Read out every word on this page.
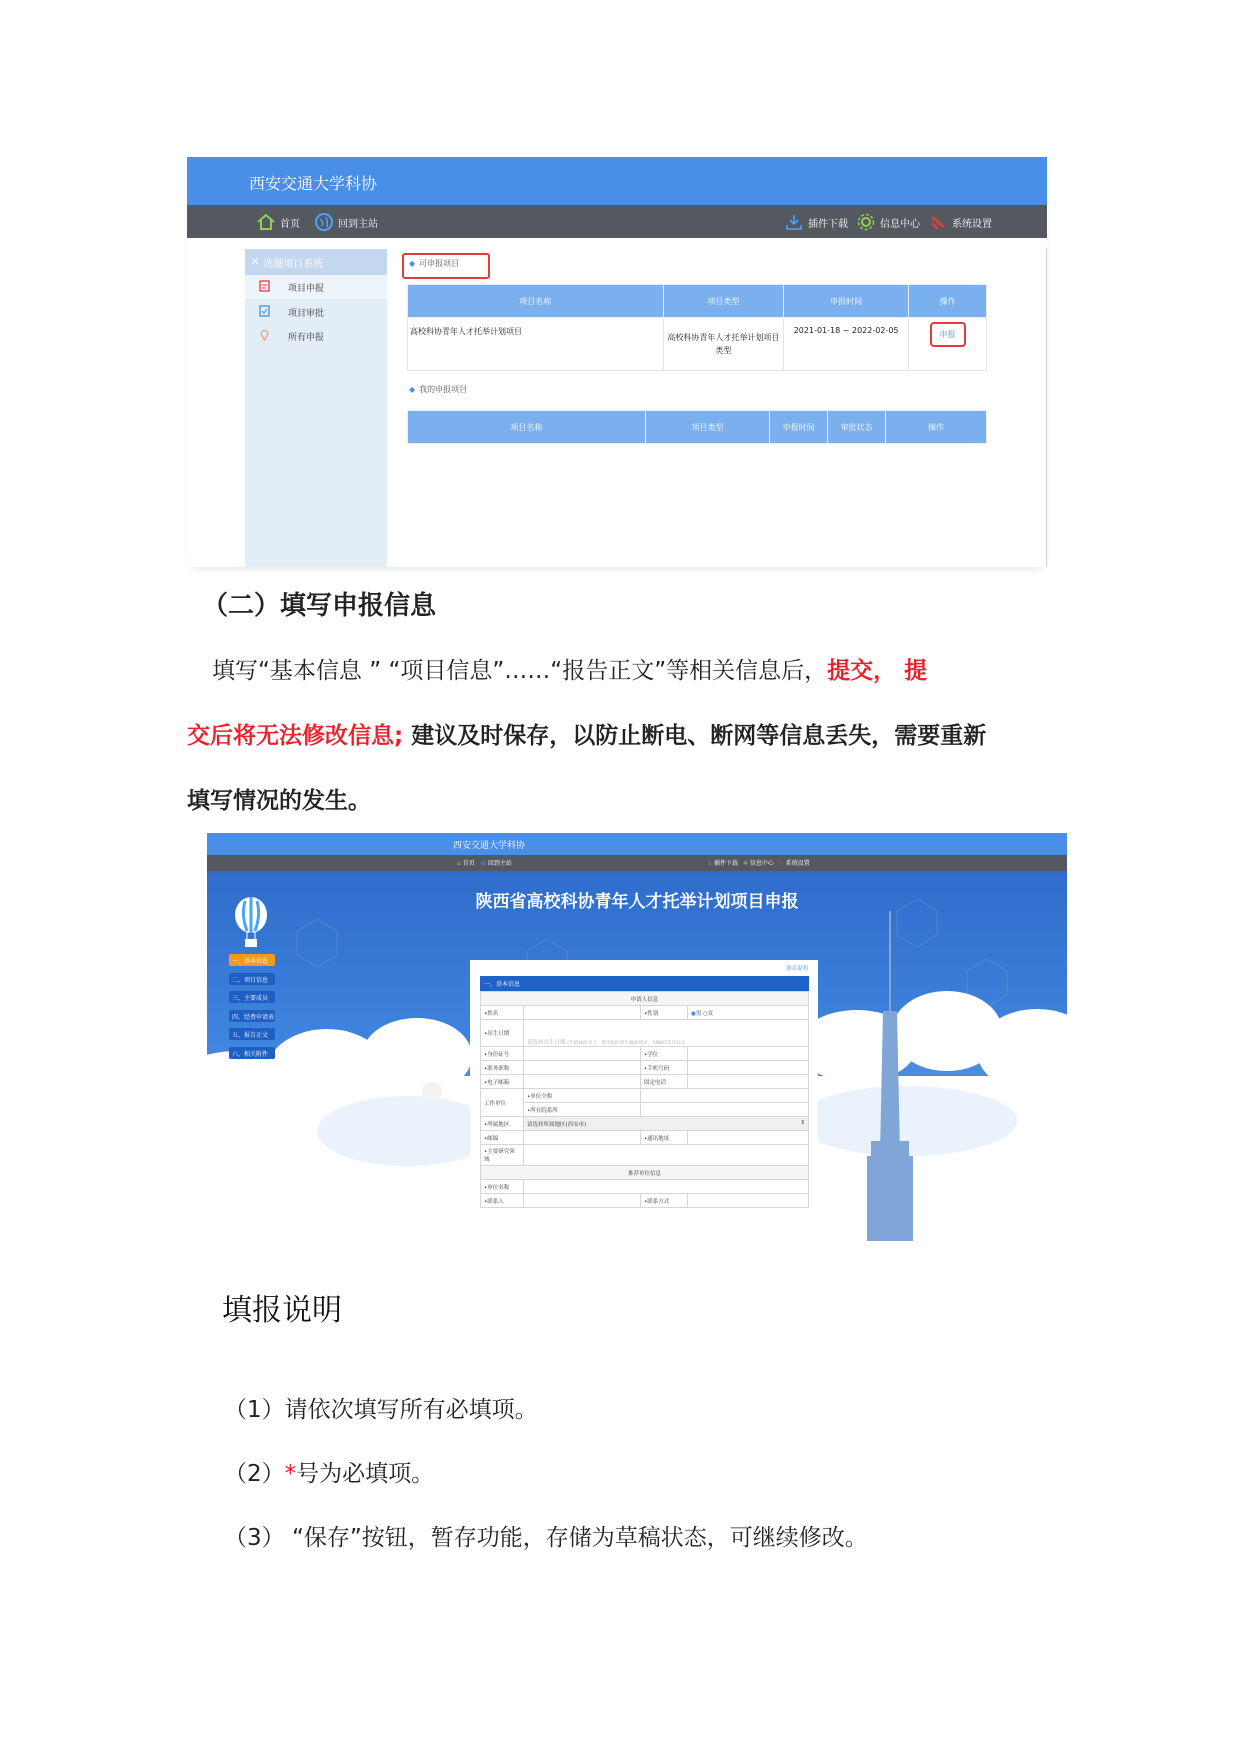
西安交通大学科协
首页	回到主站	插件下载	信息中心	系统设置
✕ 选题项目系统
项目申报
项目审批
所有申报
◆ 可申报项目
项目名称	项目类型	申报时间	操作
高校科协青年人才托举计划项目	高校科协青年人才托举计划项目类型	2021-01-18 ~ 2022-02-05	申报
◆ 我的申报项目
项目名称	项目类型	申报时间	审批状态	操作
（二）填写申报信息
填写“基本信息 ” “项目信息”……“报告正文”等相关信息后，提交， 提
交后将无法修改信息; 建议及时保存，以防止断电、断网等信息丢失，需要重新
填写情况的发生。
西安交通大学科协
⌂ 首页 ◎ 回到主站	↓ 插件下载 ✲ 信息中心 ✎ 系统设置
陕西省高校科协青年人才托举计划项目申报
一、基本信息
二、项目信息
三、主要成员
四、经费申请表
五、报告正文
六、相关附件
填表说明
一、基本信息
申请人信息			
•姓名		•性别	●男 ○女
•出生日期	请选择出生日期 (年龄40岁以下，即申报时须年满40周岁，1980年1月1日)		
•身份证号		•学位	
•职务职称		•手机号码	
•电子邮箱		固定电话	
工作单位	•单位全称		
	•所在院系所		
•所属地区	请选择所属地区(西安市) ⇕		

•邮编		•通讯地址	
•主要研究领域			
推荐单位信息			
•单位名称			
•联系人		•联系方式	
填报说明
（1）请依次填写所有必填项。
（2）*号为必填项。
（3） “保存”按钮，暂存功能，存储为草稿状态，可继续修改。
